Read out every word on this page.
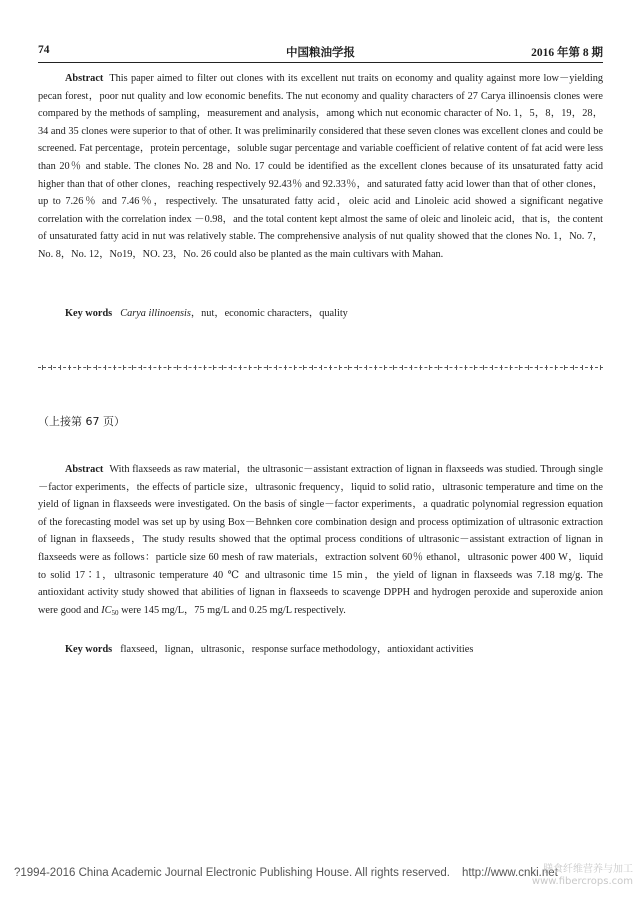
74	中国粮油学报	2016 年第 8 期

Abstract This paper aimed to filter out clones with its excellent nut traits on economy and quality against more low－yielding pecan forest，poor nut quality and low economic benefits. The nut economy and quality characters of 27 Carya illinoensis clones were compared by the methods of sampling，measurement and analysis，among which nut economic character of No. 1，5，8，19，28，34 and 35 clones were superior to that of other. It was preliminarily considered that these seven clones was excellent clones and could be screened. Fat percentage，protein percentage，soluble sugar percentage and variable coefficient of relative content of fat acid were less than 20％ and stable. The clones No. 28 and No. 17 could be identified as the excellent clones because of its unsaturated fatty acid higher than that of other clones，reaching respectively 92.43％ and 92.33％，and saturated fatty acid lower than that of other clones，up to 7.26％ and 7.46％，respectively. The unsaturated fatty acid，oleic acid and Linoleic acid showed a significant negative correlation with the correlation index －0.98，and the total content kept almost the same of oleic and linoleic acid，that is，the content of unsaturated fatty acid in nut was relatively stable. The comprehensive analysis of nut quality showed that the clones No. 1，No. 7，No. 8，No. 12，No19，NO. 23，No. 26 could also be planted as the main cultivars with Mahan.

Key words Carya illinoensis，nut，economic characters，quality

（上接第 67 页）

Abstract With flaxseeds as raw material，the ultrasonic－assistant extraction of lignan in flaxseeds was studied. Through single－factor experiments，the effects of particle size，ultrasonic frequency，liquid to solid ratio，ultrasonic temperature and time on the yield of lignan in flaxseeds were investigated. On the basis of single－factor experiments，a quadratic polynomial regression equation of the forecasting model was set up by using Box－Behnken core combination design and process optimization of ultrasonic extraction of lignan in flaxseeds，The study results showed that the optimal process conditions of ultrasonic－assistant extraction of lignan in flaxseeds were as follows：particle size 60 mesh of raw materials，extraction solvent 60％ ethanol，ultrasonic power 400 W，liquid to solid 17∶1，ultrasonic temperature 40 ℃ and ultrasonic time 15 min，the yield of lignan in flaxseeds was 7.18 mg/g. The antioxidant activity study showed that abilities of lignan in flaxseeds to scavenge DPPH and hydrogen peroxide and superoxide anion were good and $IC_{50}$ were 145 mg/L，75 mg/L and 0.25 mg/L respectively.

Key words flaxseed，lignan，ultrasonic，response surface methodology，antioxidant activities

?1994-2016 China Academic Journal Electronic Publishing House. All rights reserved. http://www.cnki.net
膳食纤维营养与加工
www.fibercrops.com
